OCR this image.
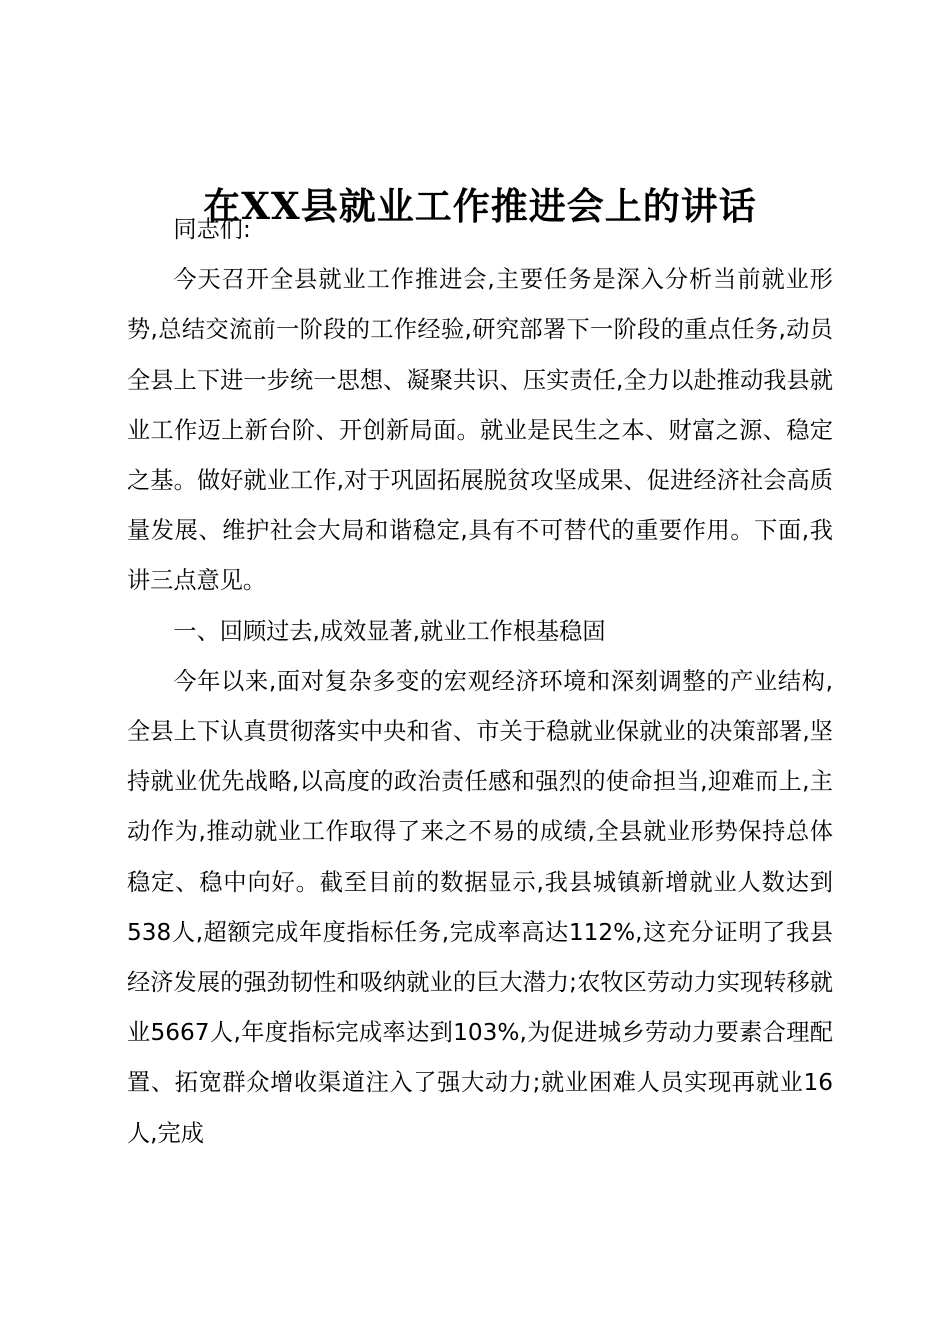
在XX县就业工作推进会上的讲话

同志们:

今天召开全县就业工作推进会,主要任务是深入分析当前就业形势,总结交流前一阶段的工作经验,研究部署下一阶段的重点任务,动员全县上下进一步统一思想、凝聚共识、压实责任,全力以赴推动我县就业工作迈上新台阶、开创新局面。就业是民生之本、财富之源、稳定之基。做好就业工作,对于巩固拓展脱贫攻坚成果、促进经济社会高质量发展、维护社会大局和谐稳定,具有不可替代的重要作用。下面,我讲三点意见。

一、回顾过去,成效显著,就业工作根基稳固

今年以来,面对复杂多变的宏观经济环境和深刻调整的产业结构,全县上下认真贯彻落实中央和省、市关于稳就业保就业的决策部署,坚持就业优先战略,以高度的政治责任感和强烈的使命担当,迎难而上,主动作为,推动就业工作取得了来之不易的成绩,全县就业形势保持总体稳定、稳中向好。截至目前的数据显示,我县城镇新增就业人数达到538人,超额完成年度指标任务,完成率高达112%,这充分证明了我县经济发展的强劲韧性和吸纳就业的巨大潜力;农牧区劳动力实现转移就业5667人,年度指标完成率达到103%,为促进城乡劳动力要素合理配置、拓宽群众增收渠道注入了强大动力;就业困难人员实现再就业16人,完成
